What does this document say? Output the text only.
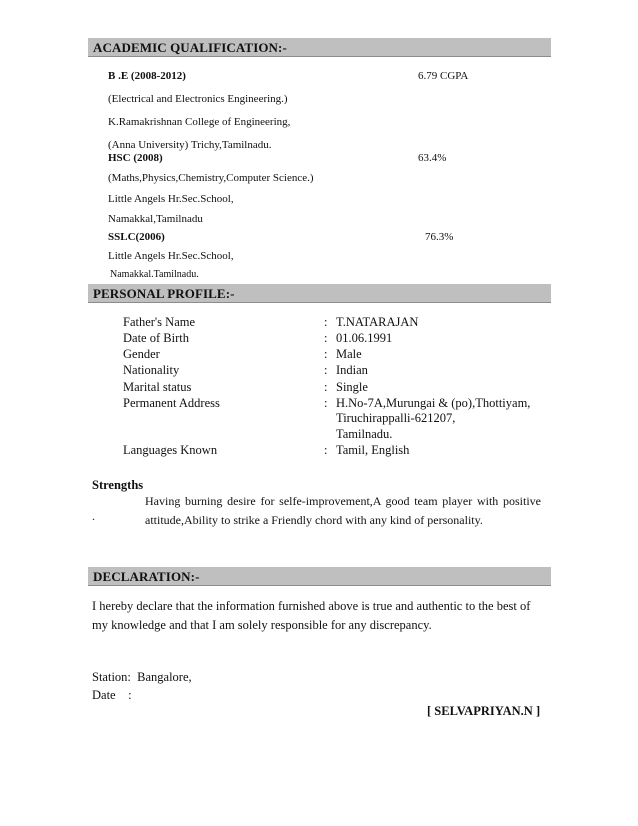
ACADEMIC QUALIFICATION:-
B .E (2008-2012)	6.79 CGPA
(Electrical and Electronics Engineering.)
K.Ramakrishnan College of Engineering,
(Anna University) Trichy,Tamilnadu.
HSC (2008)	63.4%
(Maths,Physics,Chemistry,Computer Science.)
Little Angels Hr.Sec.School,
Namakkal,Tamilnadu
SSLC(2006)	76.3%
Little Angels Hr.Sec.School,
Namakkal.Tamilnadu.
PERSONAL PROFILE:-
Father's Name	: T.NATARAJAN
Date of Birth	: 01.06.1991
Gender	: Male
Nationality	: Indian
Marital status	: Single
Permanent Address	: H.No-7A,Murungai & (po),Thottiyam,
Tiruchirappalli-621207,
Tamilnadu.
Languages Known	: Tamil, English
Strengths
.
Having burning desire for selfe-improvement,A good team player with positive attitude,Ability to strike a Friendly chord with any kind of personality.
DECLARATION:-
I hereby declare that the information furnished above is true and authentic to the best of my knowledge and that I am solely responsible for any discrepancy.
Station:  Bangalore,
Date    :
[ SELVAPRIYAN.N ]
